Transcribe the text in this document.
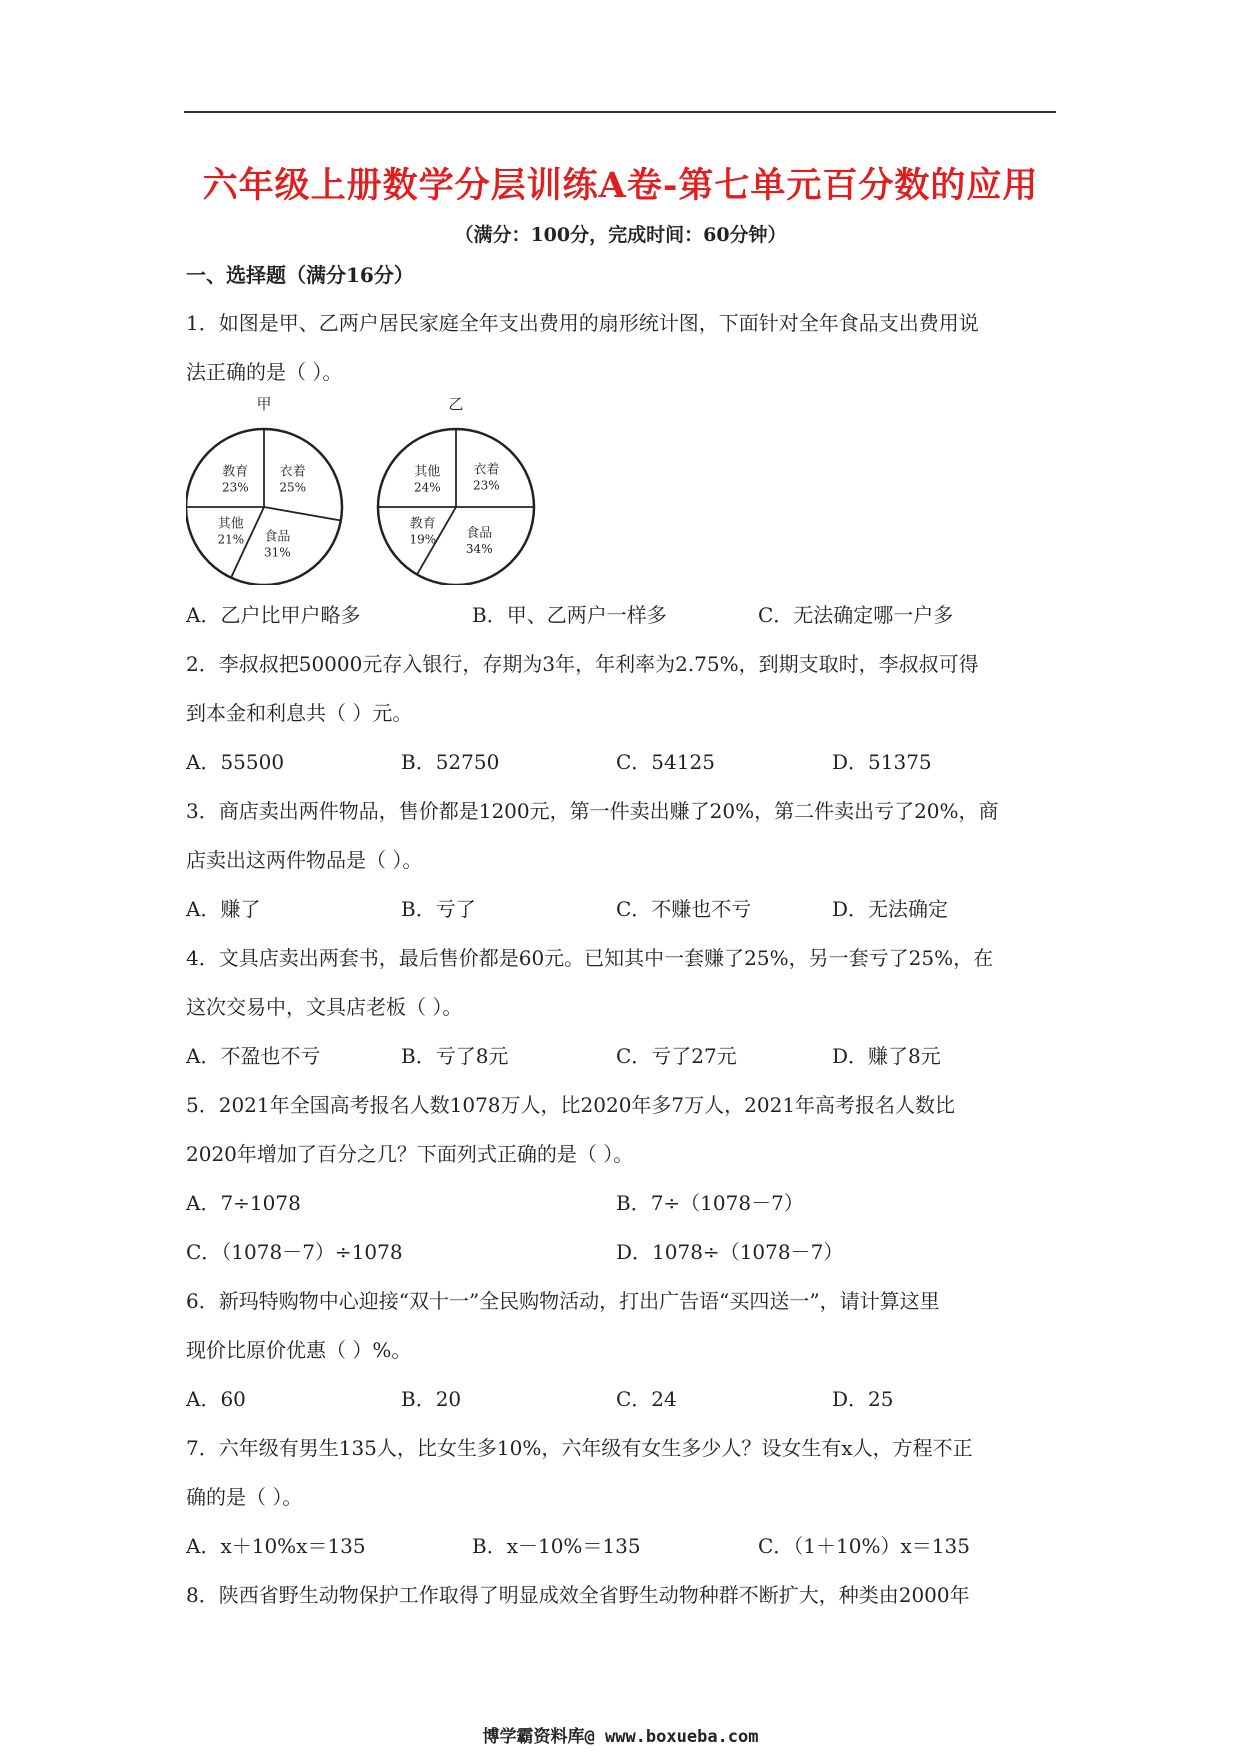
六年级上册数学分层训练A卷-第七单元百分数的应用
（满分：100分，完成时间：60分钟）
一、选择题（满分16分）
1．如图是甲、乙两户居民家庭全年支出费用的扇形统计图，下面针对全年食品支出费用说
法正确的是（ ）。
甲
教育
23%
衣着
25%
其他
21% 食品
31%
乙
其他
24%
衣着
23%
教育
19% 食品
34%
A．乙户比甲户略多	B．甲、乙两户一样多	C．无法确定哪一户多
2．李叔叔把50000元存入银行，存期为3年，年利率为2.75%，到期支取时，李叔叔可得
到本金和利息共（ ）元。
A．55500	B．52750	C．54125	D．51375
3．商店卖出两件物品，售价都是1200元，第一件卖出赚了20%，第二件卖出亏了20%，商
店卖出这两件物品是（ ）。
A．赚了	B．亏了	C．不赚也不亏	D．无法确定
4．文具店卖出两套书，最后售价都是60元。已知其中一套赚了25%，另一套亏了25%，在
这次交易中，文具店老板（ ）。
A．不盈也不亏	B．亏了8元	C．亏了27元	D．赚了8元
5．2021年全国高考报名人数1078万人，比2020年多7万人，2021年高考报名人数比
2020年增加了百分之几？下面列式正确的是（ ）。
A．7÷1078	B．7÷（1078－7）
C．（1078－7）÷1078	D．1078÷（1078－7）
6．新玛特购物中心迎接“双十一”全民购物活动，打出广告语“买四送一”，请计算这里
现价比原价优惠（ ）%。
A．60	B．20	C．24	D．25
7．六年级有男生135人，比女生多10%，六年级有女生多少人？设女生有x人，方程不正
确的是（ ）。
A．x＋10%x＝135	B．x－10%＝135	C．（1＋10%）x＝135
8．陕西省野生动物保护工作取得了明显成效全省野生动物种群不断扩大，种类由2000年
博学霸资料库@ www.boxueba.com
